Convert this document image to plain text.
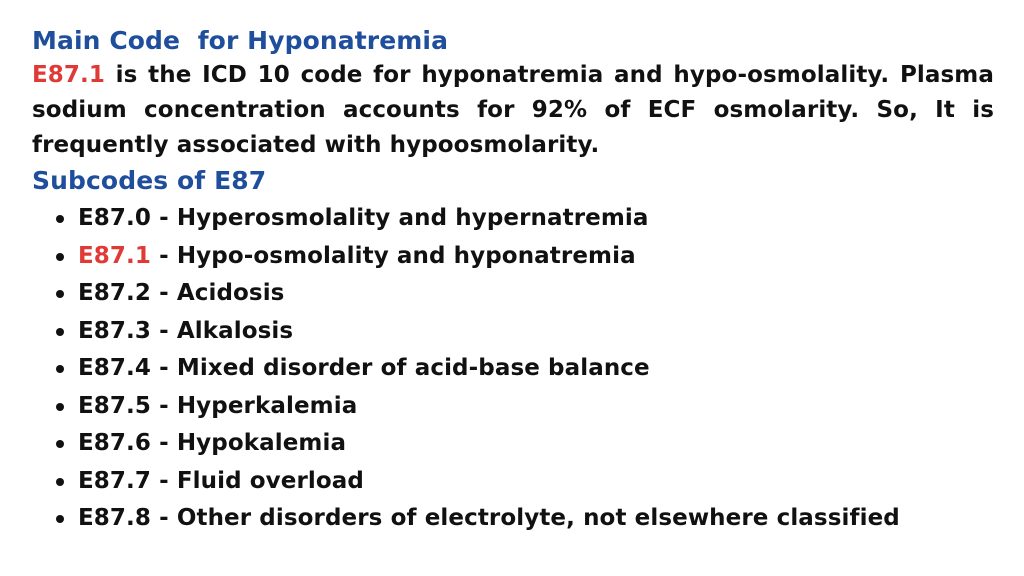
Main Code  for Hyponatremia

E87.1 is the ICD 10 code for hyponatremia and hypo-osmolality. Plasma sodium concentration accounts for 92% of ECF osmolarity. So, It is frequently associated with hypoosmolarity.

Subcodes of E87
E87.0 - Hyperosmolality and hypernatremia
E87.1 - Hypo-osmolality and hyponatremia
E87.2 - Acidosis
E87.3 - Alkalosis
E87.4 - Mixed disorder of acid-base balance
E87.5 - Hyperkalemia
E87.6 - Hypokalemia
E87.7 - Fluid overload
E87.8 - Other disorders of electrolyte, not elsewhere classified
